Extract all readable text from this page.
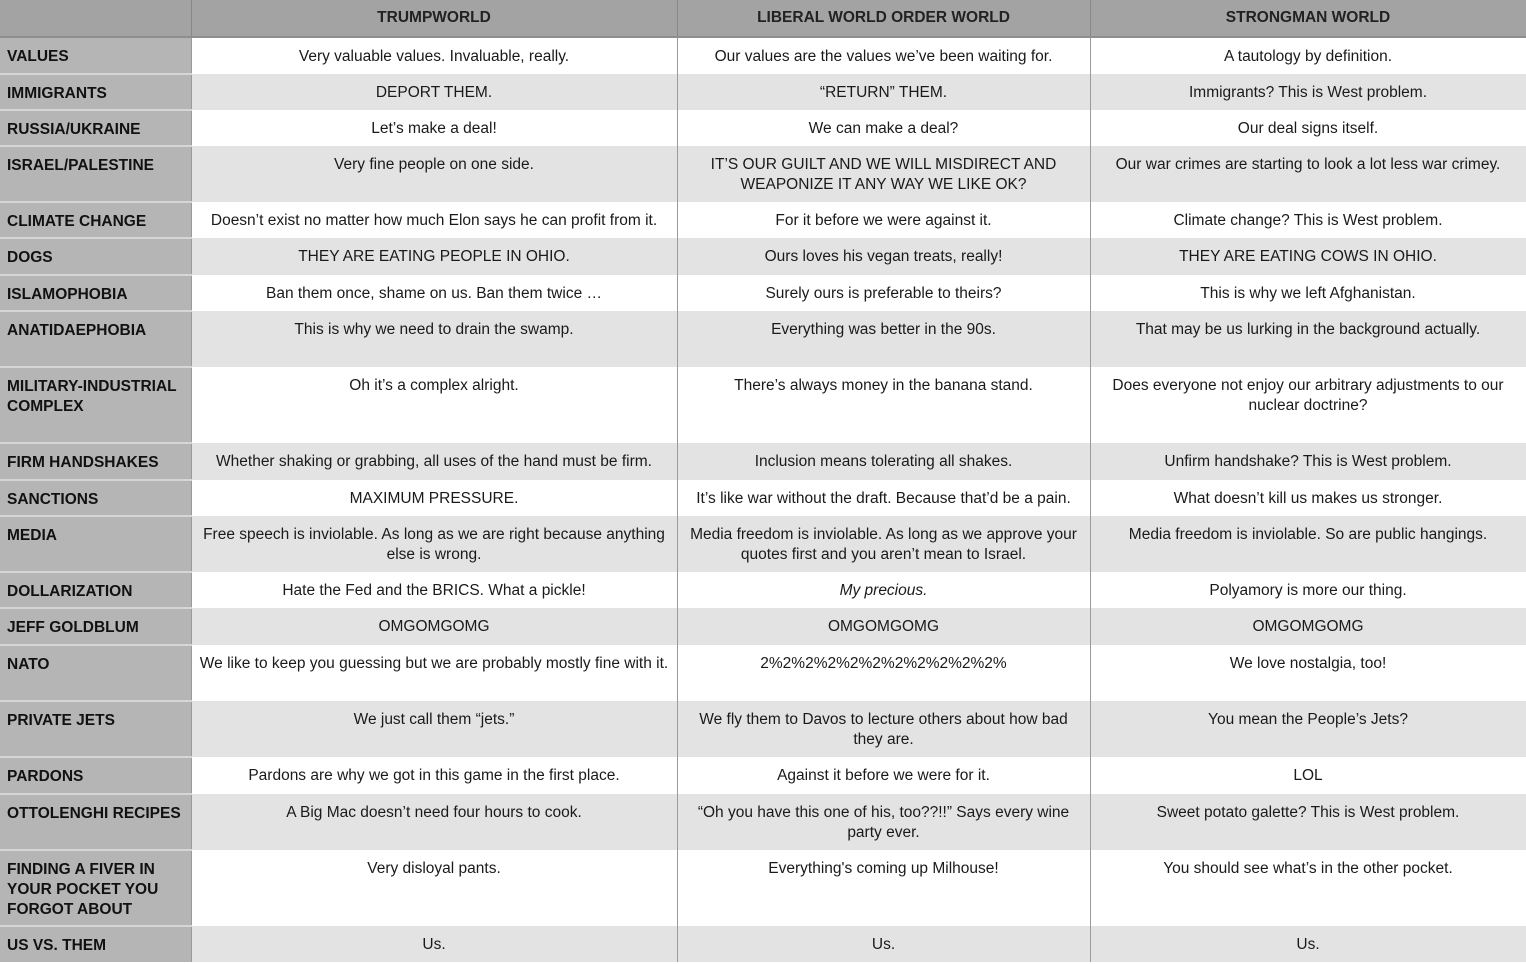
	TRUMPWORLD	LIBERAL WORLD ORDER WORLD	STRONGMAN WORLD
VALUES	Very valuable values. Invaluable, really.	Our values are the values we’ve been waiting for.	A tautology by definition.
IMMIGRANTS	DEPORT THEM.	“RETURN” THEM.	Immigrants? This is West problem.
RUSSIA/UKRAINE	Let’s make a deal!	We can make a deal?	Our deal signs itself.
ISRAEL/PALESTINE	Very fine people on one side.	IT’S OUR GUILT AND WE WILL MISDIRECT AND WEAPONIZE IT ANY WAY WE LIKE OK?	Our war crimes are starting to look a lot less war crimey.
CLIMATE CHANGE	Doesn’t exist no matter how much Elon says he can profit from it.	For it before we were against it.	Climate change? This is West problem.
DOGS	THEY ARE EATING PEOPLE IN OHIO.	Ours loves his vegan treats, really!	THEY ARE EATING COWS IN OHIO.
ISLAMOPHOBIA	Ban them once, shame on us. Ban them twice …	Surely ours is preferable to theirs?	This is why we left Afghanistan.
ANATIDAEPHOBIA	This is why we need to drain the swamp.	Everything was better in the 90s.	That may be us lurking in the background actually.
MILITARY-INDUSTRIAL COMPLEX	Oh it’s a complex alright.	There’s always money in the banana stand.	Does everyone not enjoy our arbitrary adjustments to our nuclear doctrine?
FIRM HANDSHAKES	Whether shaking or grabbing, all uses of the hand must be firm.	Inclusion means tolerating all shakes.	Unfirm handshake? This is West problem.
SANCTIONS	MAXIMUM PRESSURE.	It’s like war without the draft. Because that’d be a pain.	What doesn’t kill us makes us stronger.
MEDIA	Free speech is inviolable. As long as we are right because anything else is wrong.	Media freedom is inviolable. As long as we approve your quotes first and you aren’t mean to Israel.	Media freedom is inviolable. So are public hangings.
DOLLARIZATION	Hate the Fed and the BRICS. What a pickle!	My precious.	Polyamory is more our thing.
JEFF GOLDBLUM	OMGOMGOMG	OMGOMGOMG	OMGOMGOMG
NATO	We like to keep you guessing but we are probably mostly fine with it.	2%2%2%2%2%2%2%2%2%2%2%	We love nostalgia, too!
PRIVATE JETS	We just call them “jets.”	We fly them to Davos to lecture others about how bad they are.	You mean the People’s Jets?
PARDONS	Pardons are why we got in this game in the first place.	Against it before we were for it.	LOL
OTTOLENGHI RECIPES	A Big Mac doesn’t need four hours to cook.	“Oh you have this one of his, too??!!” Says every wine party ever.	Sweet potato galette? This is West problem.
FINDING A FIVER IN YOUR POCKET YOU FORGOT ABOUT	Very disloyal pants.	Everything's coming up Milhouse!	You should see what’s in the other pocket.
US VS. THEM	Us.	Us.	Us.
